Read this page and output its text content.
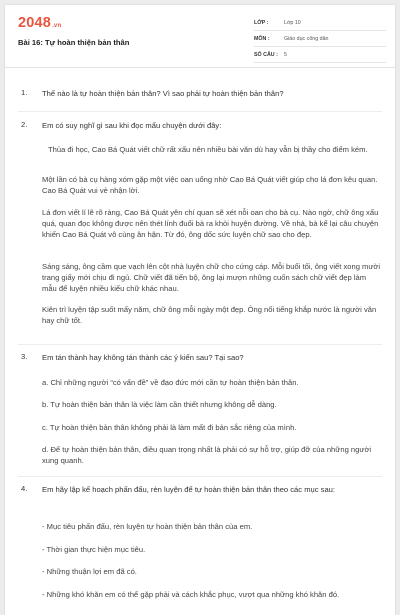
2048.vn
Bài 16: Tự hoàn thiện bản thân
LỚP :	Lớp 10
MÔN :	Giáo dục công dân
SỐ CÂU :	5
1. Thế nào là tự hoàn thiện bản thân? Vì sao phải tự hoàn thiện bản thân?
2. Em có suy nghĩ gì sau khi đọc mẩu chuyện dưới đây:

Thủa đi học, Cao Bá Quát viết chữ rất xấu nên nhiều bài văn dù hay vẫn bị thầy cho điểm kém.

Một lần có bà cụ hàng xóm gặp một việc oan uổng nhờ Cao Bá Quát viết giúp cho lá đơn kêu quan. Cao Bá Quát vui vẻ nhận lời.

Lá đơn viết lí lẽ rõ ràng, Cao Bá Quát yên chí quan sẽ xét nỗi oan cho bà cụ. Nào ngờ, chữ ông xấu quá, quan đọc không được nên thét lính đuổi bà ra khỏi huyện đường. Về nhà, bà kể lại câu chuyện khiến Cao Bá Quát vô cùng ân hận. Từ đó, ông dốc sức luyện chữ sao cho đẹp.

Sáng sáng, ông cầm que vạch lên cột nhà luyện chữ cho cứng cáp. Mỗi buổi tối, ông viết xong mười trang giấy mới chịu đi ngủ. Chữ viết đã tiến bộ, ông lại mượn những cuốn sách chữ viết đẹp làm mẫu để luyện nhiều kiểu chữ khác nhau.

Kiên trì luyện tập suốt mấy năm, chữ ông mỗi ngày một đẹp. Ông nổi tiếng khắp nước là người văn hay chữ tốt.

3. Em tán thành hay không tán thành các ý kiến sau? Tại sao?

a. Chỉ những người “có vấn đề” về đạo đức mới cần tự hoàn thiện bản thân.

b. Tự hoàn thiện bản thân là việc làm cần thiết nhưng không dễ dàng.

c. Tự hoàn thiện bản thân không phải là làm mất đi bản sắc riêng của mình.

d. Để tự hoàn thiện bản thân, điều quan trọng nhất là phải có sự hỗ trợ, giúp đỡ của những người xung quanh.

4. Em hãy lập kế hoạch phấn đấu, rèn luyện để tự hoàn thiện bản thân theo các mục sau:

- Mục tiêu phấn đấu, rèn luyện tự hoàn thiện bản thân của em.

- Thời gian thực hiện mục tiêu.

- Những thuận lợi em đã có.

- Những khó khăn em có thể gặp phải và cách khắc phục, vượt qua những khó khăn đó.
